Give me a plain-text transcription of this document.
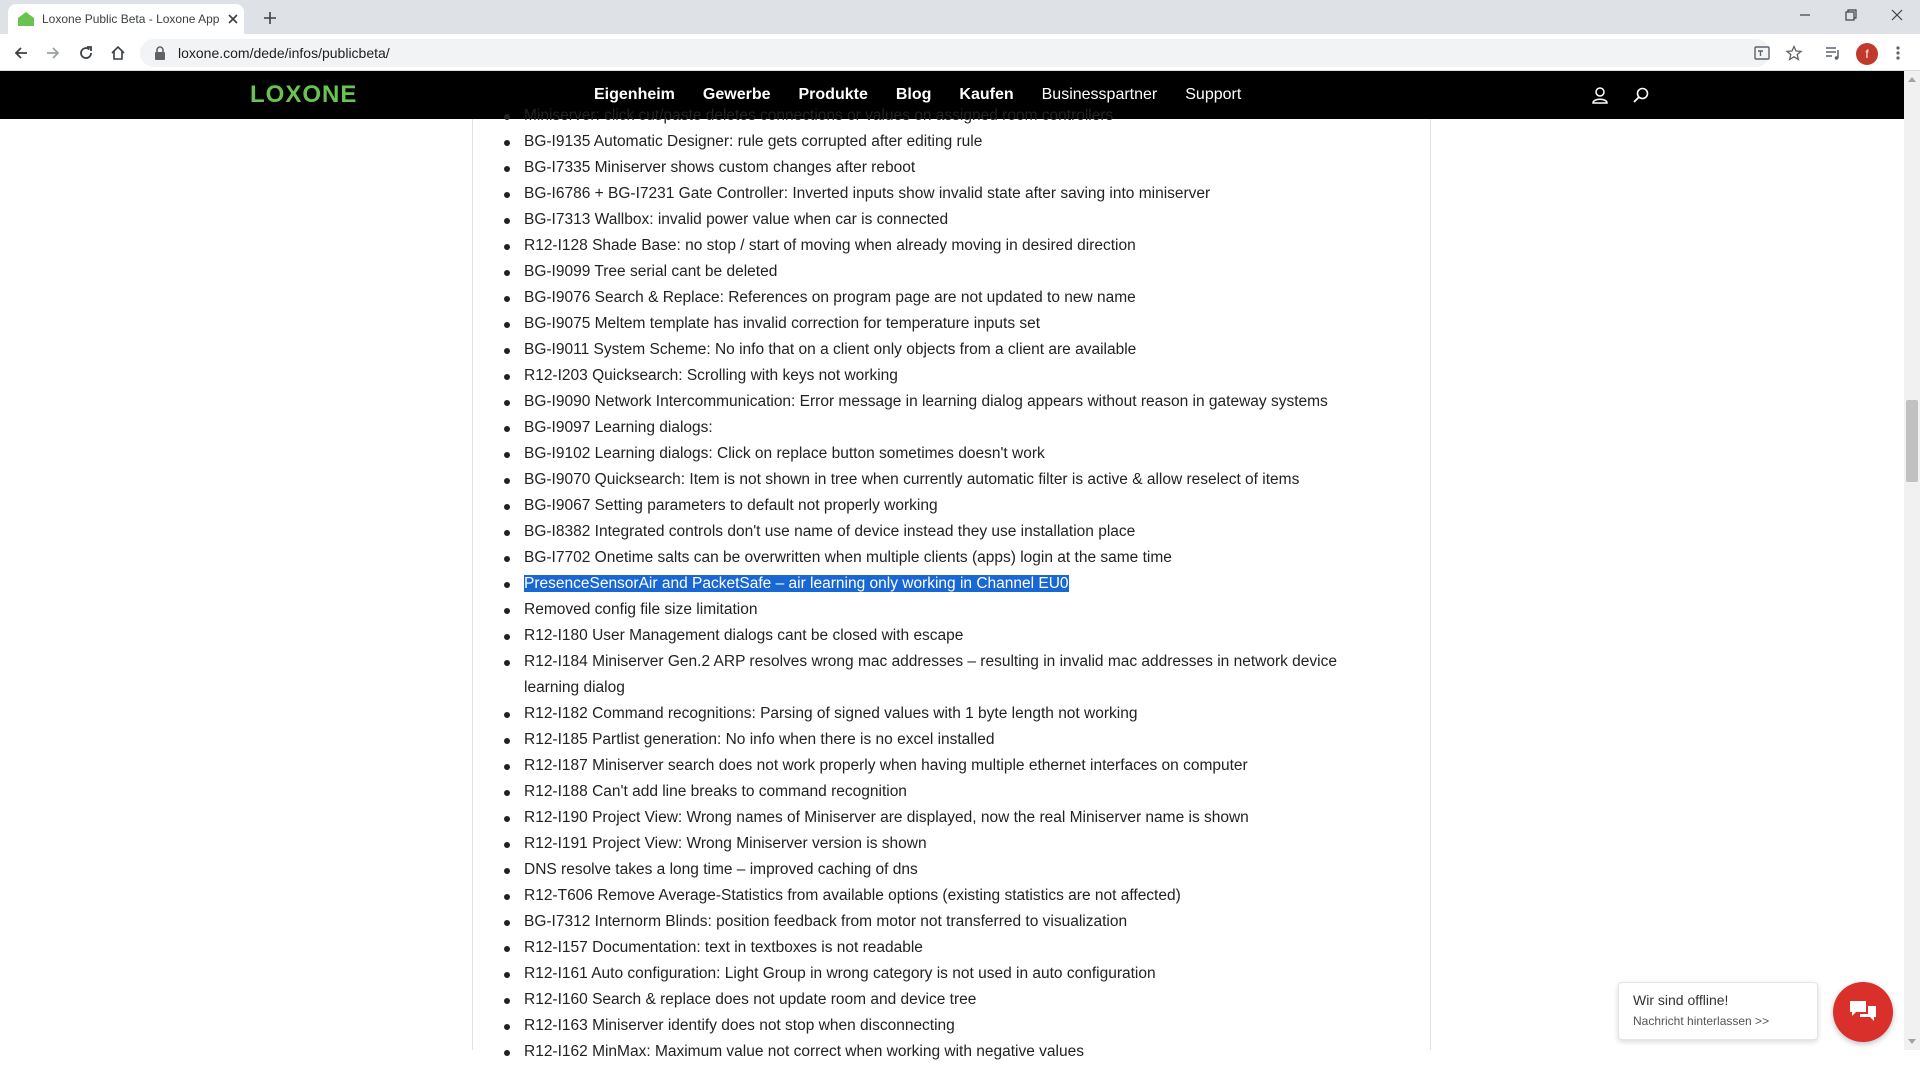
Loxone Public Beta - Loxone App
loxone.com/dede/infos/publicbeta/	f
LOXONE	Eigenheim Gewerbe Produkte Blog Kaufen Businesspartner Support
Miniserver: click cut/paste deletes connections or values on assigned room controllers
BG-I9135 Automatic Designer: rule gets corrupted after editing rule
BG-I7335 Miniserver shows custom changes after reboot
BG-I6786 + BG-I7231 Gate Controller: Inverted inputs show invalid state after saving into miniserver
BG-I7313 Wallbox: invalid power value when car is connected
R12-I128 Shade Base: no stop / start of moving when already moving in desired direction
BG-I9099 Tree serial cant be deleted
BG-I9076 Search & Replace: References on program page are not updated to new name
BG-I9075 Meltem template has invalid correction for temperature inputs set
BG-I9011 System Scheme: No info that on a client only objects from a client are available
R12-I203 Quicksearch: Scrolling with keys not working
BG-I9090 Network Intercommunication: Error message in learning dialog appears without reason in gateway systems
BG-I9097 Learning dialogs:
BG-I9102 Learning dialogs: Click on replace button sometimes doesn't work
BG-I9070 Quicksearch: Item is not shown in tree when currently automatic filter is active & allow reselect of items
BG-I9067 Setting parameters to default not properly working
BG-I8382 Integrated controls don't use name of device instead they use installation place
BG-I7702 Onetime salts can be overwritten when multiple clients (apps) login at the same time
PresenceSensorAir and PacketSafe – air learning only working in Channel EU0
Removed config file size limitation
R12-I180 User Management dialogs cant be closed with escape
R12-I184 Miniserver Gen.2 ARP resolves wrong mac addresses – resulting in invalid mac addresses in network device learning dialog
R12-I182 Command recognitions: Parsing of signed values with 1 byte length not working
R12-I185 Partlist generation: No info when there is no excel installed
R12-I187 Miniserver search does not work properly when having multiple ethernet interfaces on computer
R12-I188 Can't add line breaks to command recognition
R12-I190 Project View: Wrong names of Miniserver are displayed, now the real Miniserver name is shown
R12-I191 Project View: Wrong Miniserver version is shown
DNS resolve takes a long time – improved caching of dns
R12-T606 Remove Average-Statistics from available options (existing statistics are not affected)
BG-I7312 Internorm Blinds: position feedback from motor not transferred to visualization
R12-I157 Documentation: text in textboxes is not readable
R12-I161 Auto configuration: Light Group in wrong category is not used in auto configuration
R12-I160 Search & replace does not update room and device tree
R12-I163 Miniserver identify does not stop when disconnecting
R12-I162 MinMax: Maximum value not correct when working with negative values
Wir sind offline!
Nachricht hinterlassen >>
